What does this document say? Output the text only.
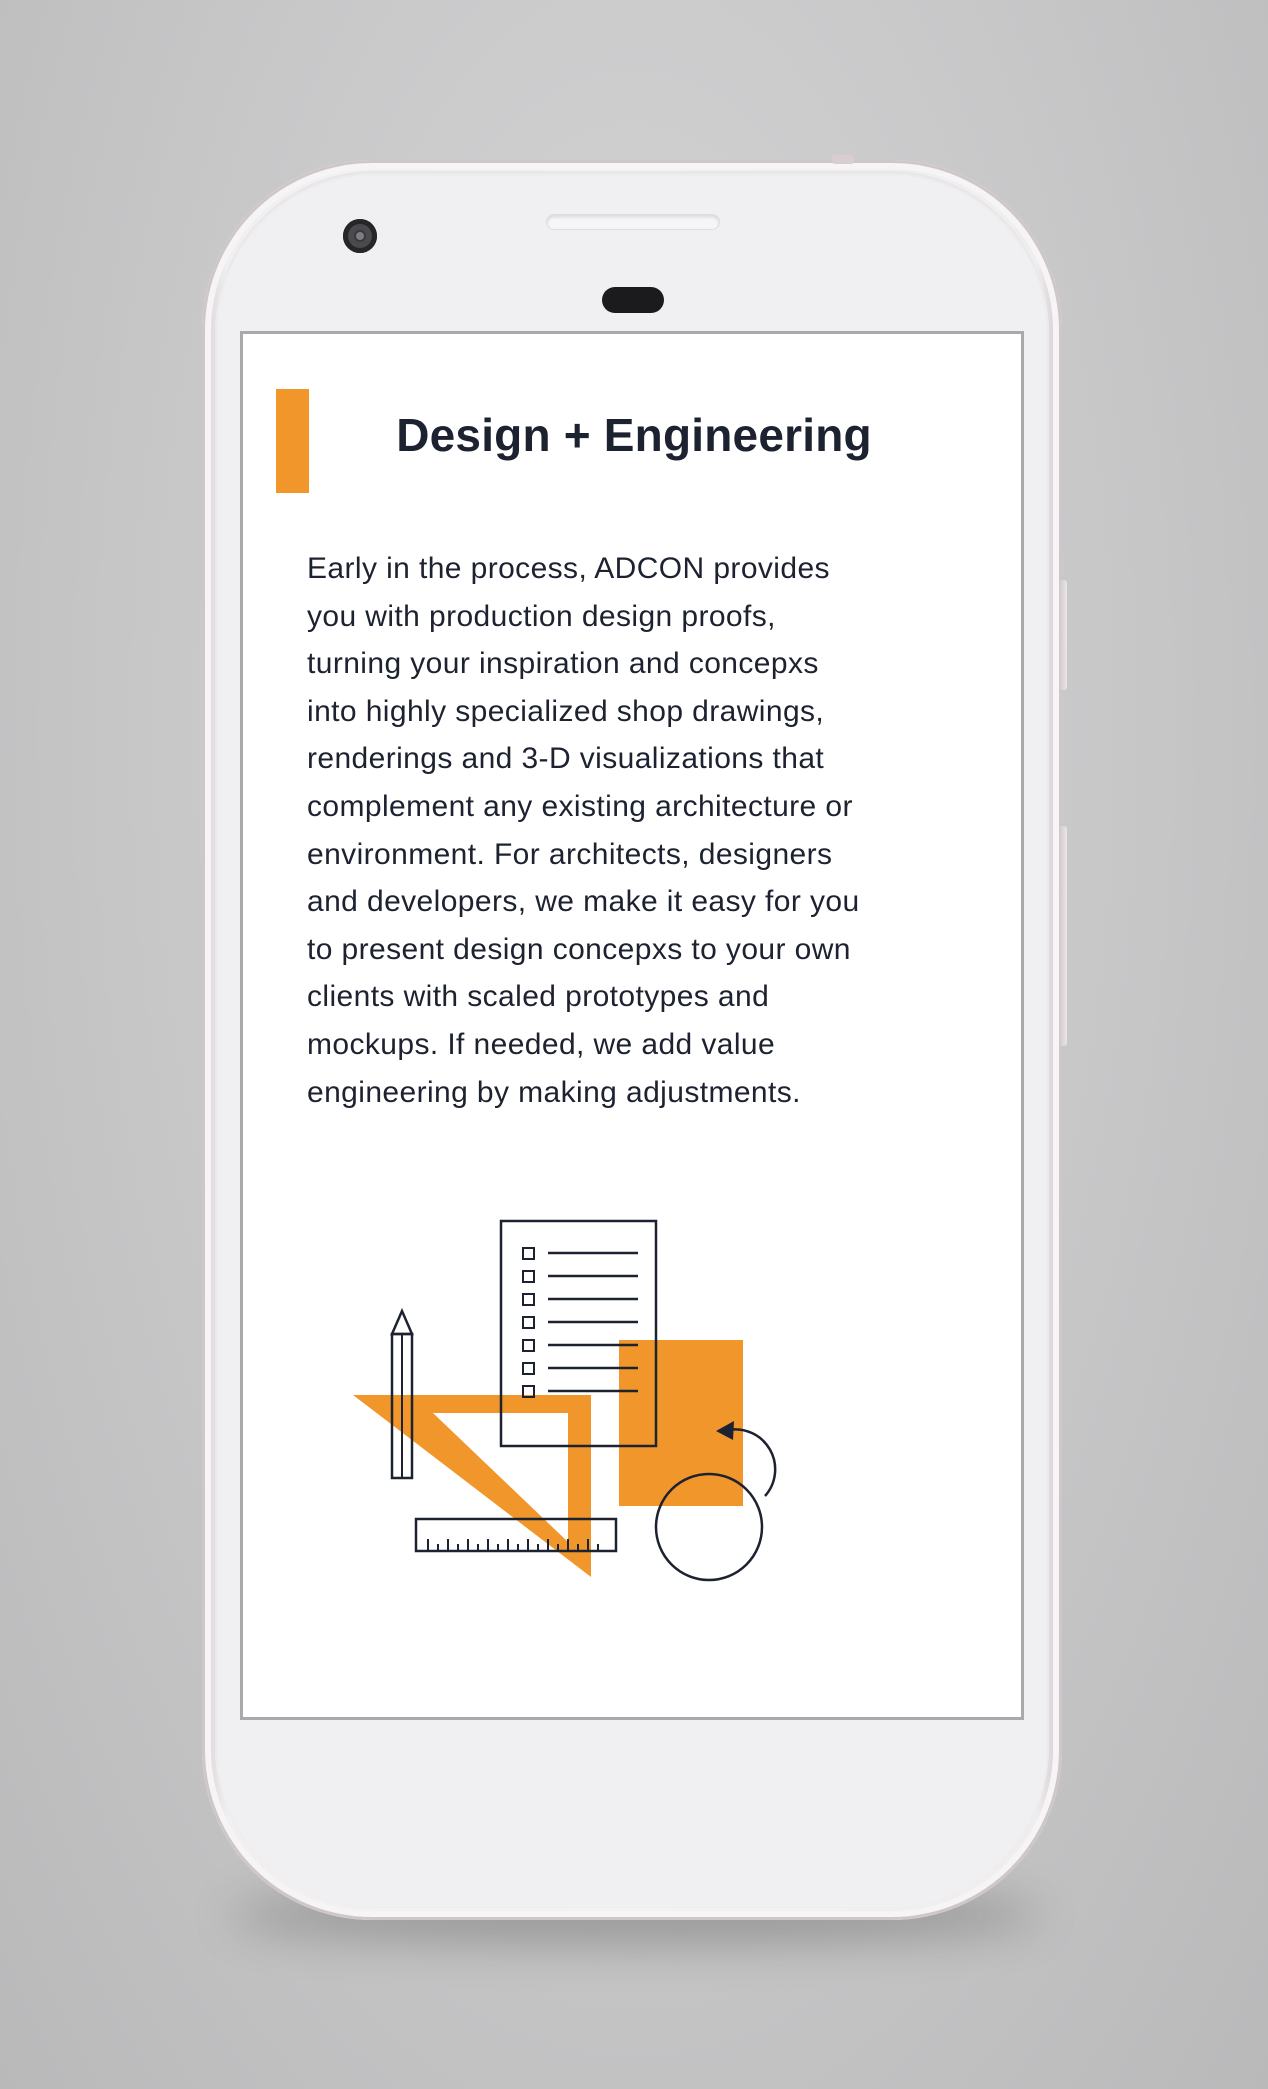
Design + Engineering

Early in the process, ADCON provides
you with production design proofs,
turning your inspiration and concepxs
into highly specialized shop drawings,
renderings and 3-D visualizations that
complement any existing architecture or
environment. For architects, designers
and developers, we make it easy for you
to present design concepxs to your own
clients with scaled prototypes and
mockups. If needed, we add value
engineering by making adjustments.
